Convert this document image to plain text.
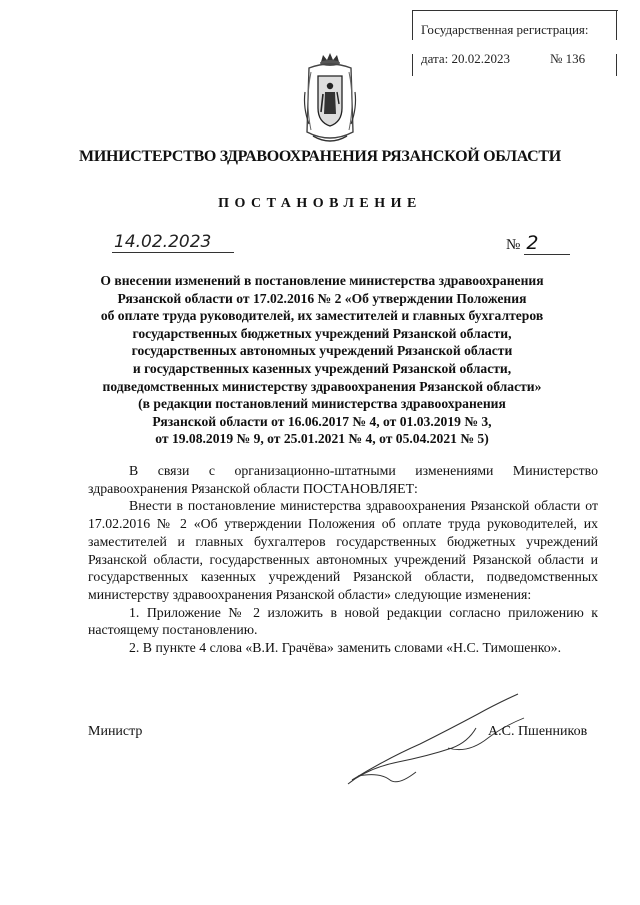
Государственная регистрация:
дата: 20.02.2023	№ 136
МИНИСТЕРСТВО ЗДРАВООХРАНЕНИЯ РЯЗАНСКОЙ ОБЛАСТИ
ПОСТАНОВЛЕНИЕ
14.02.2023	№ 2
О внесении изменений в постановление министерства здравоохранения
Рязанской области от 17.02.2016 № 2 «Об утверждении Положения
об оплате труда руководителей, их заместителей и главных бухгалтеров
государственных бюджетных учреждений Рязанской области,
государственных автономных учреждений Рязанской области
и государственных казенных учреждений Рязанской области,
подведомственных министерству здравоохранения Рязанской области»
(в редакции постановлений министерства здравоохранения
Рязанской области от 16.06.2017 № 4, от 01.03.2019 № 3,
от 19.08.2019 № 9, от 25.01.2021 № 4, от 05.04.2021 № 5)

В связи с организационно-штатными изменениями Министерство здравоохранения Рязанской области ПОСТАНОВЛЯЕТ:

Внести в постановление министерства здравоохранения Рязанской области от 17.02.2016 № 2 «Об утверждении Положения об оплате труда руководителей, их заместителей и главных бухгалтеров государственных бюджетных учреждений Рязанской области, государственных автономных учреждений Рязанской области и государственных казенных учреждений Рязанской области, подведомственных министерству здравоохранения Рязанской области» следующие изменения:

1. Приложение № 2 изложить в новой редакции согласно приложению к настоящему постановлению.

2. В пункте 4 слова «В.И. Грачёва» заменить словами «Н.С. Тимошенко».

Министр	А.С. Пшенников
